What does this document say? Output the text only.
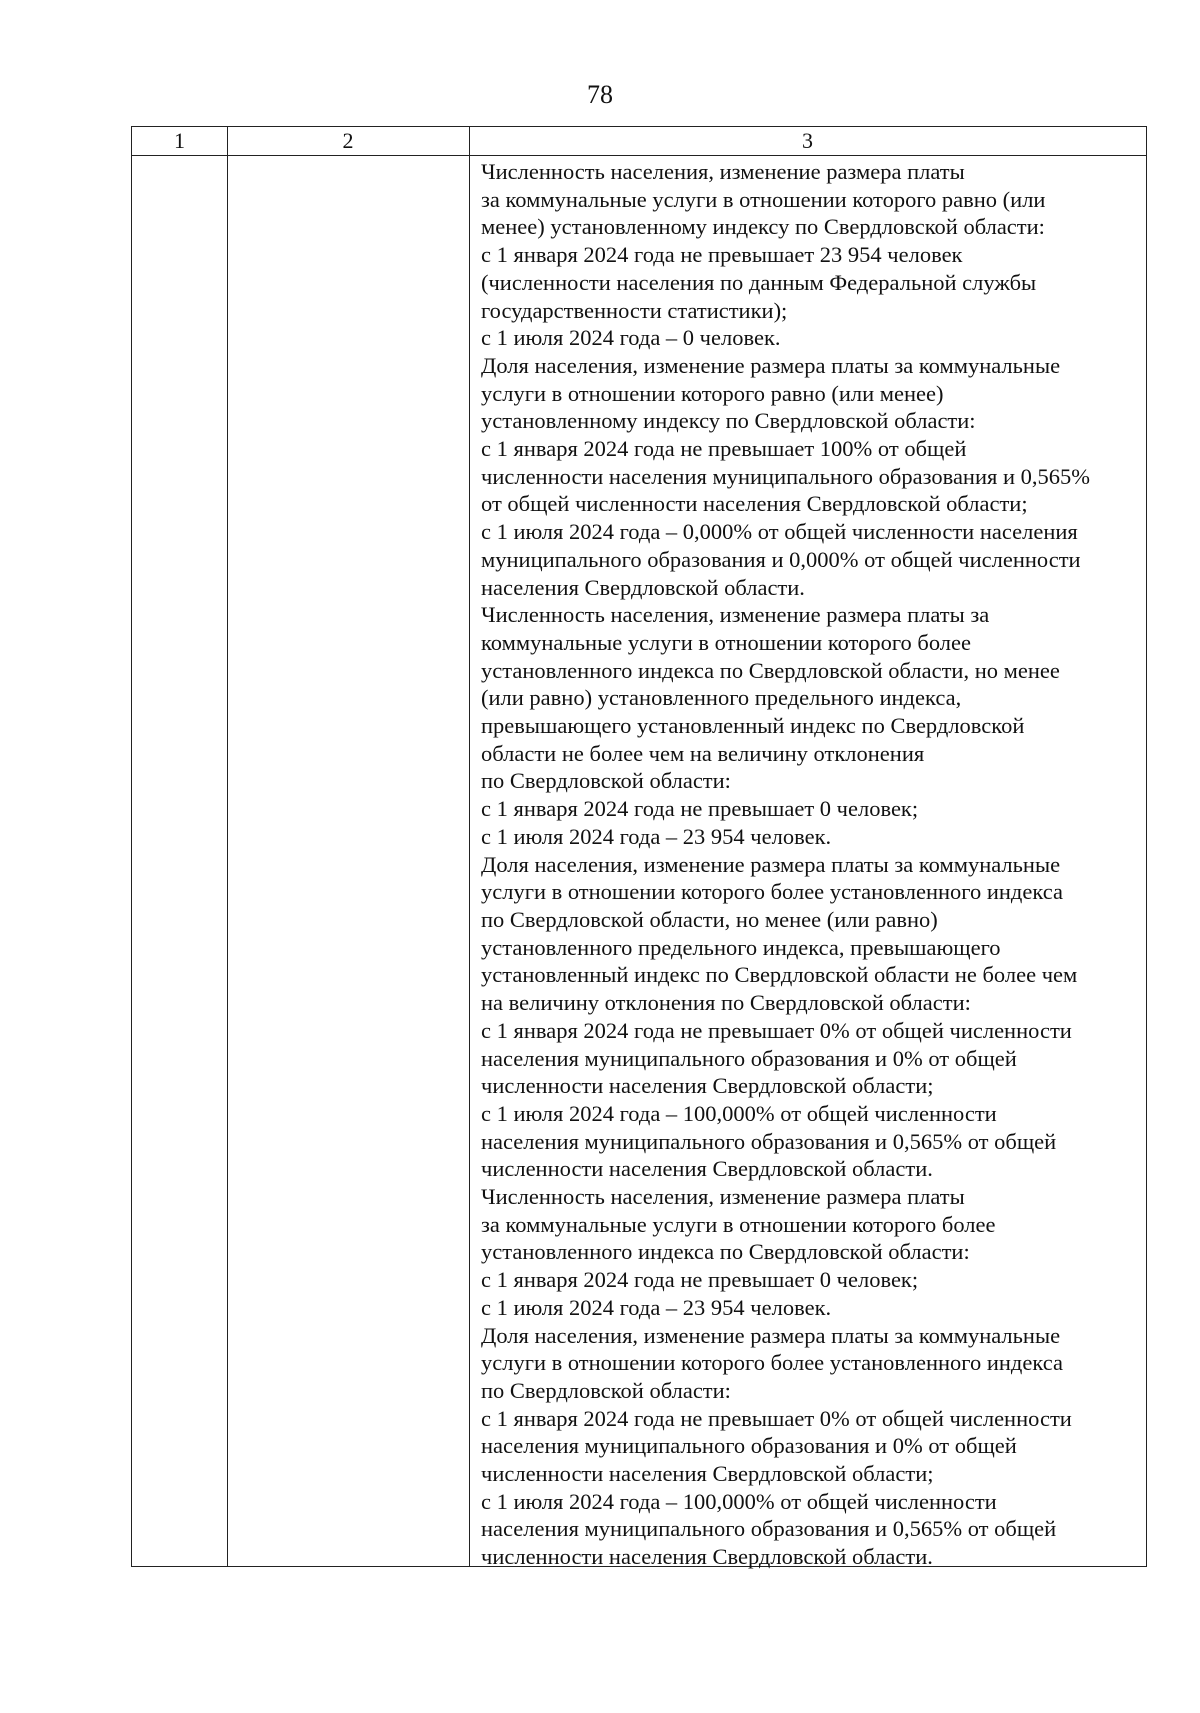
78
1	2	3
Численность населения, изменение размера платы
за коммунальные услуги в отношении которого равно (или
менее) установленному индексу по Свердловской области:
с 1 января 2024 года не превышает 23 954 человек
(численности населения по данным Федеральной службы
государственности статистики);
с 1 июля 2024 года – 0 человек.
Доля населения, изменение размера платы за коммунальные
услуги в отношении которого равно (или менее)
установленному индексу по Свердловской области:
с 1 января 2024 года не превышает 100% от общей
численности населения муниципального образования и 0,565%
от общей численности населения Свердловской области;
с 1 июля 2024 года – 0,000% от общей численности населения
муниципального образования и 0,000% от общей численности
населения Свердловской области.
Численность населения, изменение размера платы за
коммунальные услуги в отношении которого более
установленного индекса по Свердловской области, но менее
(или равно) установленного предельного индекса,
превышающего установленный индекс по Свердловской
области не более чем на величину отклонения
по Свердловской области:
с 1 января 2024 года не превышает 0 человек;
с 1 июля 2024 года – 23 954 человек.
Доля населения, изменение размера платы за коммунальные
услуги в отношении которого более установленного индекса
по Свердловской области, но менее (или равно)
установленного предельного индекса, превышающего
установленный индекс по Свердловской области не более чем
на величину отклонения по Свердловской области:
с 1 января 2024 года не превышает 0% от общей численности
населения муниципального образования и 0% от общей
численности населения Свердловской области;
с 1 июля 2024 года – 100,000% от общей численности
населения муниципального образования и 0,565% от общей
численности населения Свердловской области.
Численность населения, изменение размера платы
за коммунальные услуги в отношении которого более
установленного индекса по Свердловской области:
с 1 января 2024 года не превышает 0 человек;
с 1 июля 2024 года – 23 954 человек.
Доля населения, изменение размера платы за коммунальные
услуги в отношении которого более установленного индекса
по Свердловской области:
с 1 января 2024 года не превышает 0% от общей численности
населения муниципального образования и 0% от общей
численности населения Свердловской области;
с 1 июля 2024 года – 100,000% от общей численности
населения муниципального образования и 0,565% от общей
численности населения Свердловской области.
